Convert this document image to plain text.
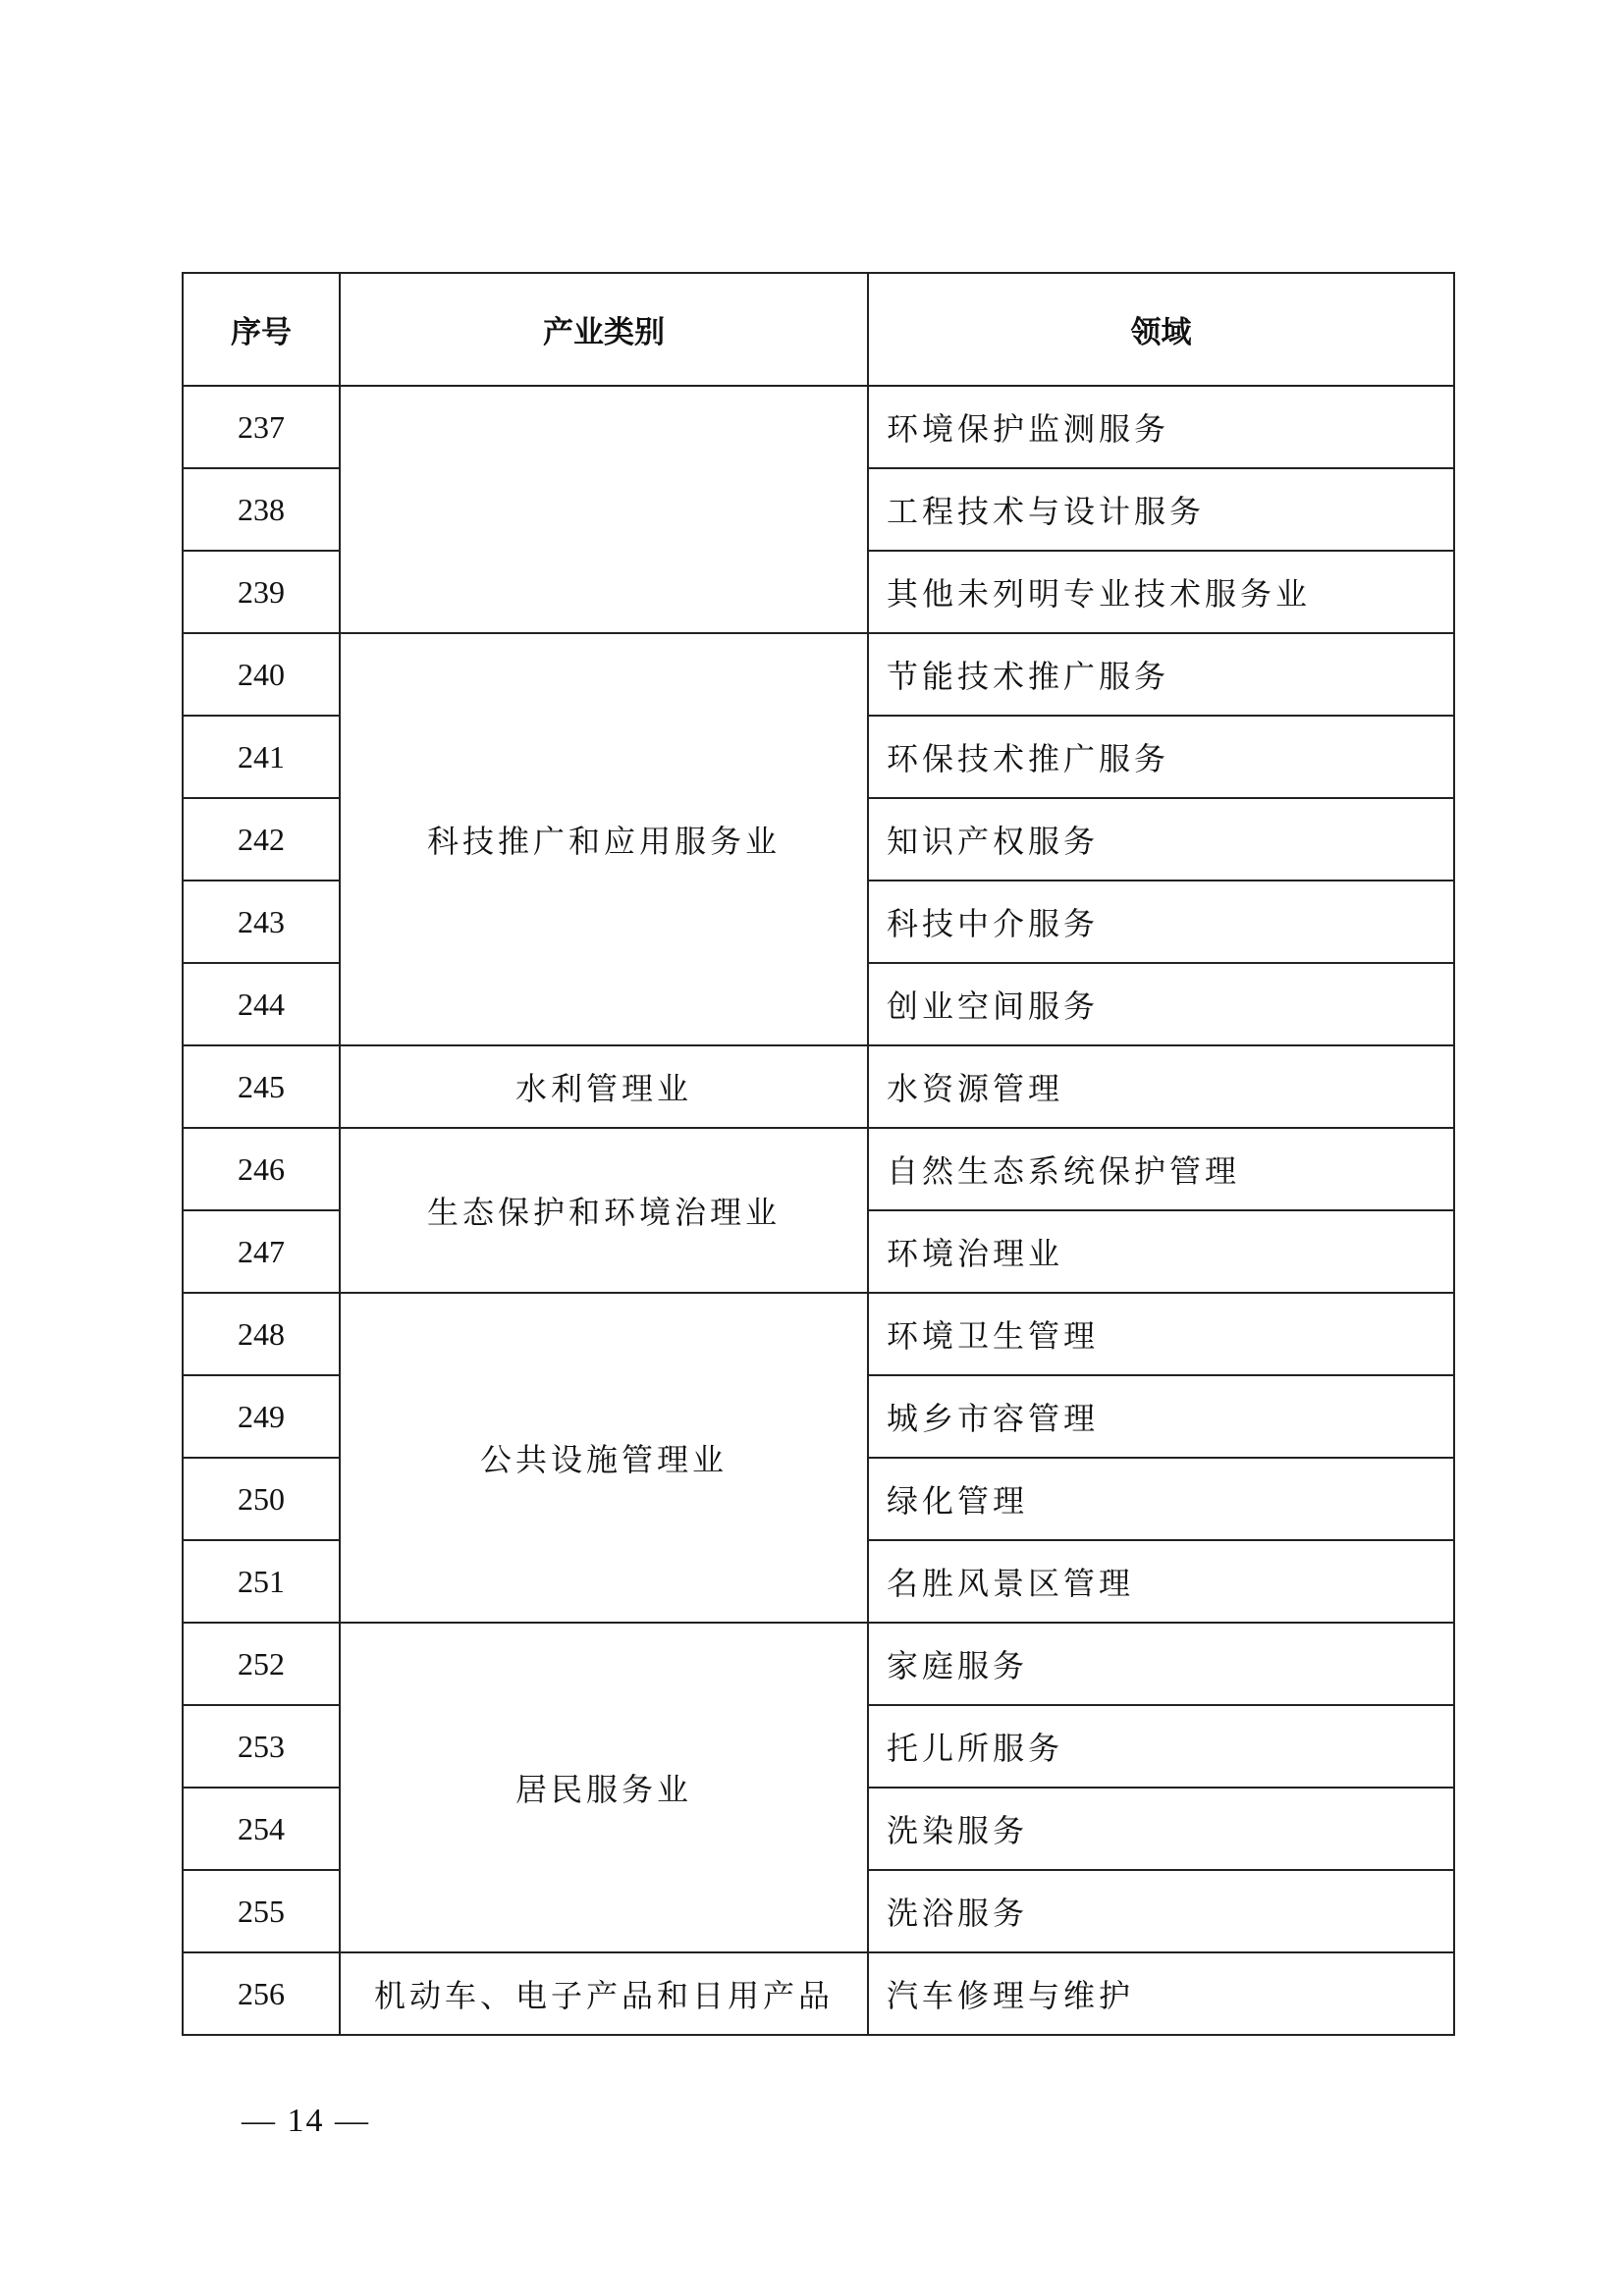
序号	产业类别	领域
237		环境保护监测服务
238		工程技术与设计服务
239		其他未列明专业技术服务业
240	科技推广和应用服务业	节能技术推广服务
241		环保技术推广服务
242		知识产权服务
243		科技中介服务
244		创业空间服务
245	水利管理业	水资源管理
246	生态保护和环境治理业	自然生态系统保护管理
247		环境治理业
248	公共设施管理业	环境卫生管理
249		城乡市容管理
250		绿化管理
251		名胜风景区管理
252	居民服务业	家庭服务
253		托儿所服务
254		洗染服务
255		洗浴服务
256	机动车、电子产品和日用产品	汽车修理与维护
— 14 —
